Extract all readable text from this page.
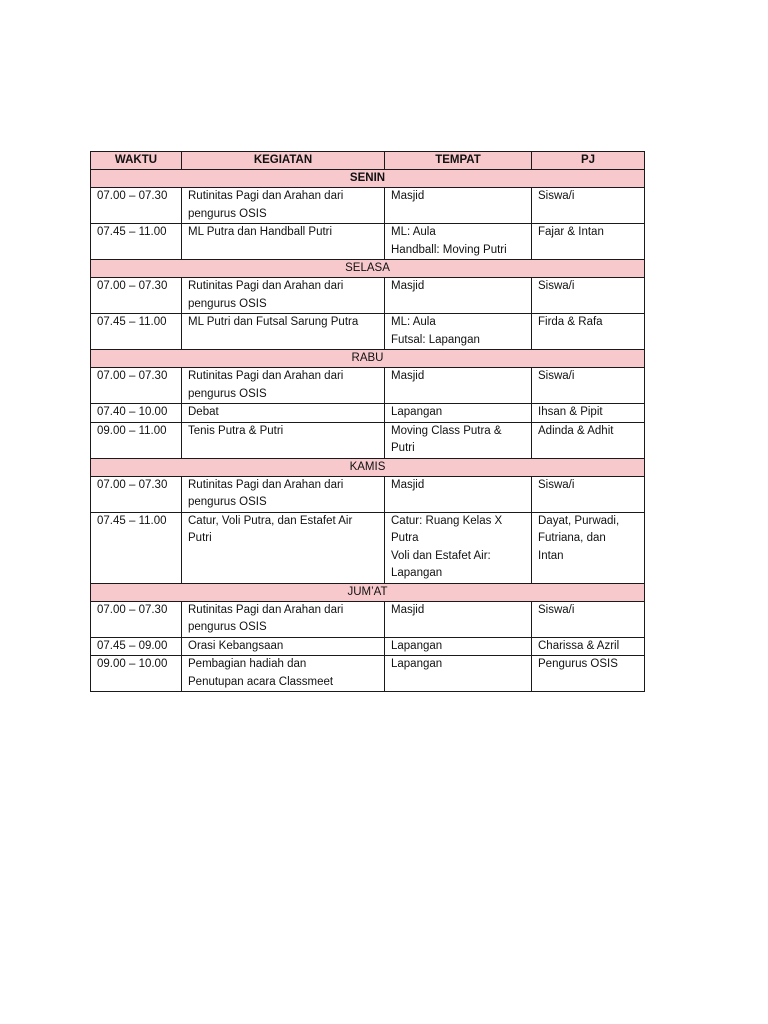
WAKTU	KEGIATAN	TEMPAT	PJ
SENIN			
07.00 – 07.30	Rutinitas Pagi dan Arahan dari
pengurus OSIS	Masjid	Siswa/i

07.45 – 11.00	ML Putra dan Handball Putri	ML: Aula
Handball: Moving Putri	Fajar & Intan

SELASA			
07.00 – 07.30	Rutinitas Pagi dan Arahan dari
pengurus OSIS	Masjid	Siswa/i

07.45 – 11.00	ML Putri dan Futsal Sarung Putra	ML: Aula
Futsal: Lapangan	Firda & Rafa

RABU			
07.00 – 07.30	Rutinitas Pagi dan Arahan dari
pengurus OSIS	Masjid	Siswa/i

07.40 – 10.00	Debat	Lapangan	Ihsan & Pipit

09.00 – 11.00	Tenis Putra & Putri	Moving Class Putra &
Putri	Adinda & Adhit

KAMIS			
07.00 – 07.30	Rutinitas Pagi dan Arahan dari
pengurus OSIS	Masjid	Siswa/i

07.45 – 11.00	Catur, Voli Putra, dan Estafet Air
Putri	Catur: Ruang Kelas X
Putra
Voli dan Estafet Air:
Lapangan	Dayat, Purwadi,
Futriana, dan
Intan

JUM’AT			
07.00 – 07.30	Rutinitas Pagi dan Arahan dari
pengurus OSIS	Masjid	Siswa/i

07.45 – 09.00	Orasi Kebangsaan	Lapangan	Charissa & Azril

09.00 – 10.00	Pembagian hadiah dan
Penutupan acara Classmeet	Lapangan	Pengurus OSIS
